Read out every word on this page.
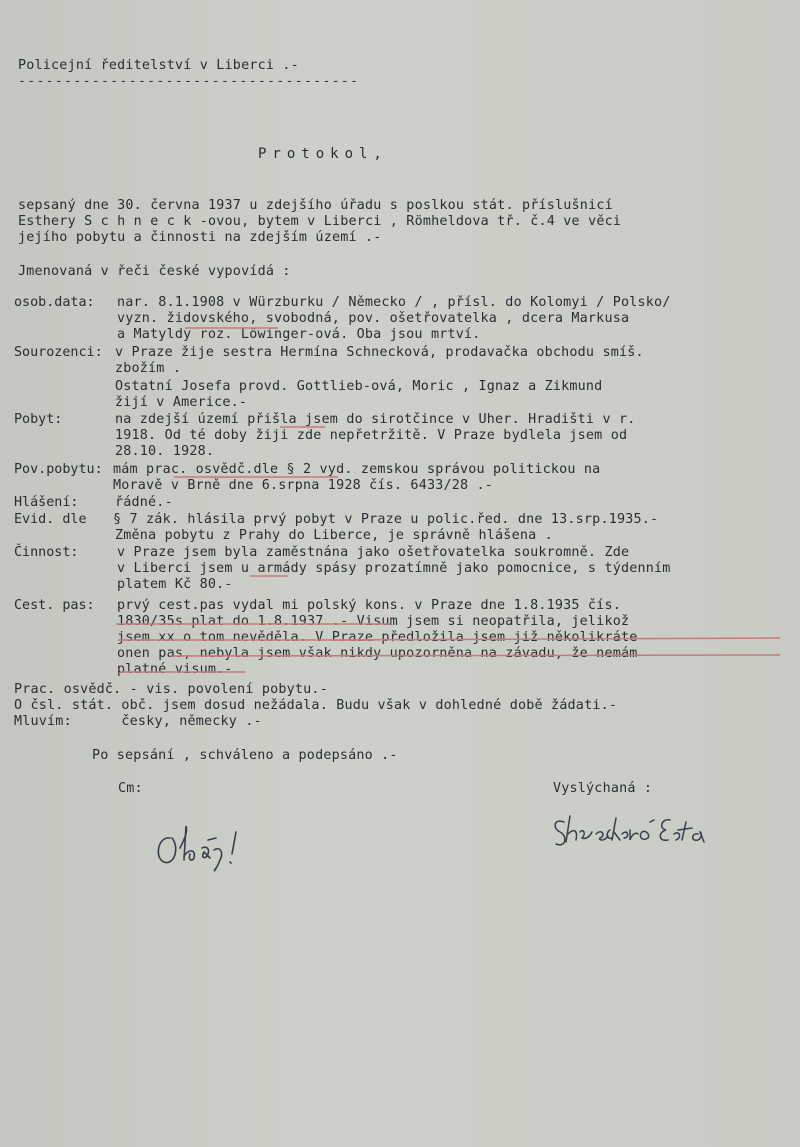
Policejní ředitelství v Liberci .-
-------------------------------------
Protokol,
sepsaný dne 30. června 1937 u zdejšího úřadu s poslkou stát. příslušnicí
Esthery S c h n e c k -ovou, bytem v Liberci , Römheldova tř. č.4 ve věci
jejího pobytu a činnosti na zdejším území .-
Jmenovaná v řeči české vypovídá :
osob.data: nar. 8.1.1908 v Würzburku / Německo / , přísl. do Kolomyi / Polsko/
vyzn. židovského, svobodná, pov. ošetřovatelka , dcera Markusa
a Matyldy roz. Löwinger-ová. Oba jsou mrtví.
Sourozenci: v Praze žije sestra Hermína Schnecková, prodavačka obchodu smíš.
zbožím .
Ostatní Josefa provd. Gottlieb-ová, Moric , Ignaz a Zikmund
žijí v Americe.-
Pobyt:	na zdejší území přišla jsem do sirotčince v Uher. Hradišti v r.
1918. Od té doby žiji zde nepřetržitě. V Praze bydlela jsem od
28.10. 1928.
Pov.pobytu: mám prac. osvědč.dle § 2 vyd. zemskou správou politickou na
Moravě v Brně dne 6.srpna 1928 čís. 6433/28 .-
Hlášení:	řádné.-
Evid. dle § 7 zák. hlásila prvý pobyt v Praze u polic.řed. dne 13.srp.1935.-
Změna pobytu z Prahy do Liberce, je správně hlášena .
Činnost:	v Praze jsem byla zaměstnána jako ošetřovatelka soukromně. Zde
v Liberci jsem u armády spásy prozatímně jako pomocnice, s týdenním
platem Kč 80.-
Cest. pas: prvý cest.pas vydal mi polský kons. v Praze dne 1.8.1935 čís.
1830/35s plat do 1.8.1937 .- Visum jsem si neopatřila, jelikož
jsem xx o tom nevěděla. V Praze předložila jsem již několikráte
onen pas, nebyla jsem však nikdy upozorněna na závadu, že nemám
platné visum.-
Prac. osvědč. - vis. povolení pobytu.-
O čsl. stát. obč. jsem dosud nežádala. Budu však v dohledné době žádati.-
Mluvím:      česky, německy .-
Po sepsání , schváleno a podepsáno .-
Cm:	Vyslýchaná :
